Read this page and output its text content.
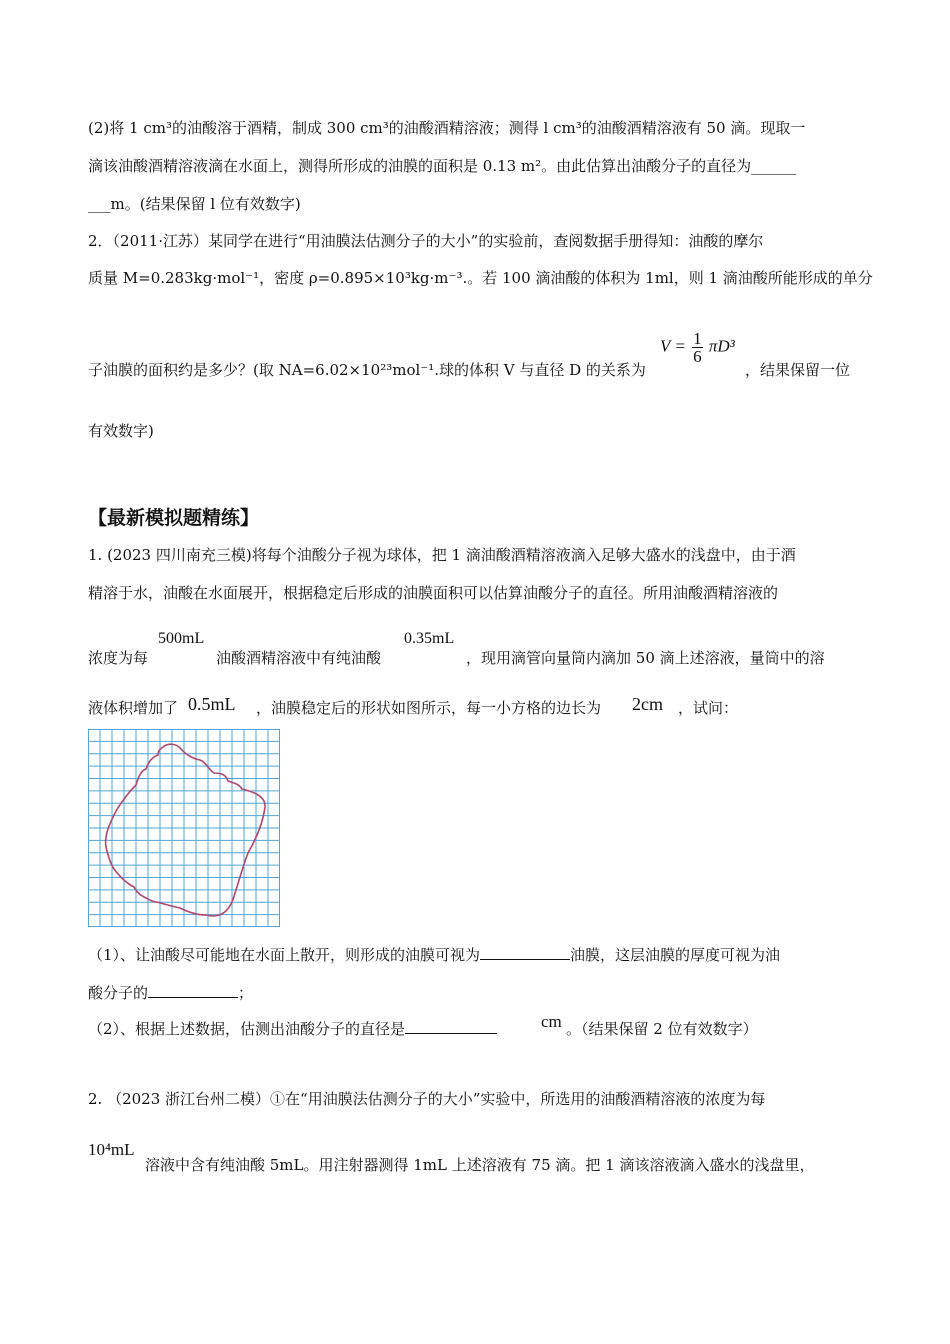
(2)将 1 cm³的油酸溶于酒精，制成 300 cm³的油酸酒精溶液；测得 l cm³的油酸酒精溶液有 50 滴。现取一
滴该油酸酒精溶液滴在水面上，测得所形成的油膜的面积是 0.13 m²。由此估算出油酸分子的直径为______
___m。(结果保留 l 位有效数字)
2．（2011·江苏）某同学在进行“用油膜法估测分子的大小”的实验前，查阅数据手册得知：油酸的摩尔
质量 M=0.283kg·mol⁻¹，密度 ρ=0.895×10³kg·m⁻³.。若 100 滴油酸的体积为 1ml，则 1 滴油酸所能形成的单分
子油膜的面积约是多少？(取 NA=6.02×10²³mol⁻¹.球的体积 V 与直径 D 的关系为
$V = \frac{1}{6} \pi D^3$
，结果保留一位
有效数字)
【最新模拟题精练】
1. (2023 四川南充三模)将每个油酸分子视为球体，把 1 滴油酸酒精溶液滴入足够大盛水的浅盘中，由于酒
精溶于水，油酸在水面展开，根据稳定后形成的油膜面积可以估算油酸分子的直径。所用油酸酒精溶液的
浓度为每
500mL
油酸酒精溶液中有纯油酸
0.35mL
，现用滴管向量筒内滴加 50 滴上述溶液，量筒中的溶
液体积增加了 0.5mL ，油膜稳定后的形状如图所示，每一小方格的边长为 2cm ，试问：
（1）、让油酸尽可能地在水面上散开，则形成的油膜可视为	油膜，这层油膜的厚度可视为油
酸分子的	；
（2）、根据上述数据，估测出油酸分子的直径是	cm 。（结果保留 2 位有效数字）
2. （2023 浙江台州二模）①在“用油膜法估测分子的大小”实验中，所选用的油酸酒精溶液的浓度为每
10⁴mL
溶液中含有纯油酸 5mL。用注射器测得 1mL 上述溶液有 75 滴。把 1 滴该溶液滴入盛水的浅盘里，
